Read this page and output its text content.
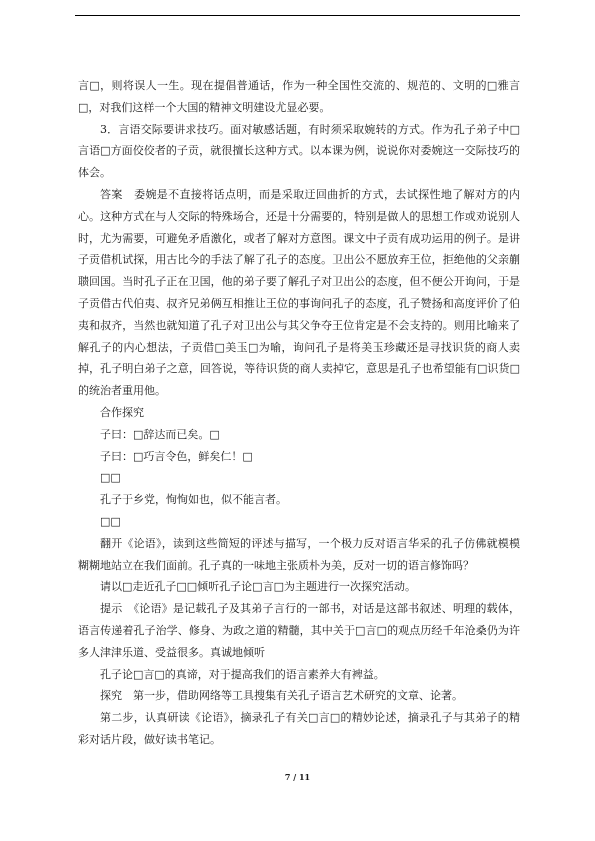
言□，则将误人一生。现在提倡普通话，作为一种全国性交流的、规范的、文明的□雅言□，对我们这样一个大国的精神文明建设尤显必要。

3．言语交际要讲求技巧。面对敏感话题，有时须采取婉转的方式。作为孔子弟子中□言语□方面佼佼者的子贡，就很擅长这种方式。以本课为例，说说你对委婉这一交际技巧的体会。

答案　委婉是不直接将话点明，而是采取迂回曲折的方式，去试探性地了解对方的内心。这种方式在与人交际的特殊场合，还是十分需要的，特别是做人的思想工作或劝说别人时，尤为需要，可避免矛盾激化，或者了解对方意图。课文中子贡有成功运用的例子。是讲子贡借机试探，用古比今的手法了解了孔子的态度。卫出公不愿放弃王位，拒绝他的父亲蒯聩回国。当时孔子正在卫国，他的弟子要了解孔子对卫出公的态度，但不便公开询问，于是子贡借古代伯夷、叔齐兄弟俩互相推让王位的事询问孔子的态度，孔子赞扬和高度评价了伯夷和叔齐，当然也就知道了孔子对卫出公与其父争夺王位肯定是不会支持的。则用比喻来了解孔子的内心想法，子贡借□美玉□为喻，询问孔子是将美玉珍藏还是寻找识货的商人卖掉，孔子明白弟子之意，回答说，等待识货的商人卖掉它，意思是孔子也希望能有□识货□的统治者重用他。

合作探究

子曰：□辞达而已矣。□

子曰：□巧言令色，鲜矣仁！□

□□

孔子于乡党，恂恂如也，似不能言者。

□□

翻开《论语》，读到这些简短的评述与描写，一个极力反对语言华采的孔子仿佛就模模糊糊地站立在我们面前。孔子真的一味地主张质朴为美，反对一切的语言修饰吗？

请以□走近孔子□□倾听孔子论□言□为主题进行一次探究活动。

提示　《论语》是记载孔子及其弟子言行的一部书，对话是这部书叙述、明理的载体，语言传递着孔子治学、修身、为政之道的精髓，其中关于□言□的观点历经千年沧桑仍为许多人津津乐道、受益很多。真诚地倾听

孔子论□言□的真谛，对于提高我们的语言素养大有裨益。

探究　第一步，借助网络等工具搜集有关孔子语言艺术研究的文章、论著。

第二步，认真研读《论语》，摘录孔子有关□言□的精妙论述，摘录孔子与其弟子的精彩对话片段，做好读书笔记。

7 / 11
